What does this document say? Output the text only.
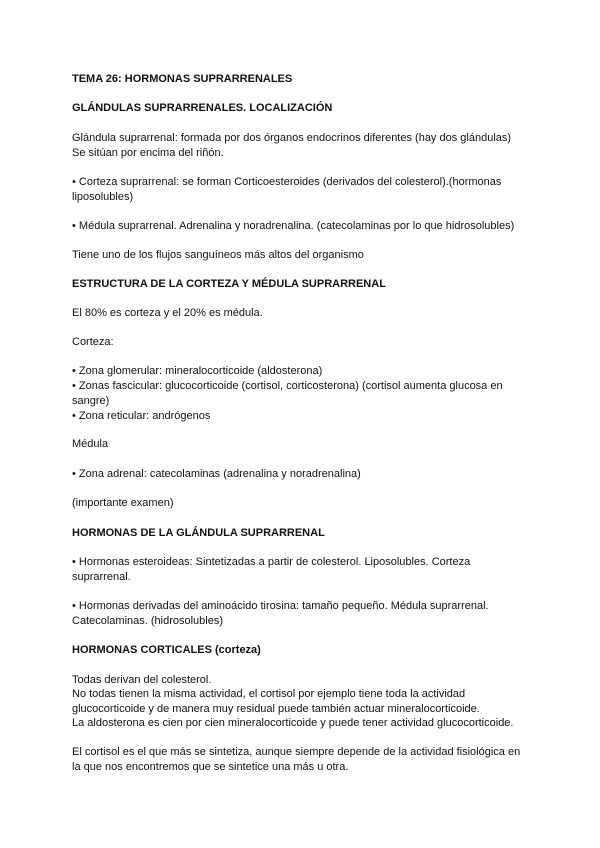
TEMA 26: HORMONAS SUPRARRENALES
GLÁNDULAS SUPRARRENALES. LOCALIZACIÓN
Glándula suprarrenal: formada por dos órganos endocrinos diferentes (hay dos glándulas)
Se sitúan por encima del riñón.
• Corteza suprarrenal: se forman Corticoesteroides (derivados del colesterol).(hormonas
liposolubles)
• Médula suprarrenal. Adrenalina y noradrenalina. (catecolaminas por lo que hidrosolubles)
Tiene uno de los flujos sanguíneos más altos del organismo
ESTRUCTURA DE LA CORTEZA Y MÉDULA SUPRARRENAL
El 80% es corteza y el 20% es médula.
Corteza:
• Zona glomerular: mineralocorticoide (aldosterona)
• Zonas fascicular: glucocorticoide (cortisol, corticosterona) (cortisol aumenta glucosa en
sangre)
• Zona reticular: andrógenos
Médula
• Zona adrenal: catecolaminas (adrenalina y noradrenalina)
(importante examen)
HORMONAS DE LA GLÁNDULA SUPRARRENAL
• Hormonas esteroideas: Sintetizadas a partir de colesterol. Liposolubles. Corteza
suprarrenal.
• Hormonas derivadas del aminoácido tirosina: tamaño pequeño. Médula suprarrenal.
Catecolaminas. (hidrosolubles)
HORMONAS CORTICALES (corteza)
Todas derivan del colesterol.
No todas tienen la misma actividad, el cortisol por ejemplo tiene toda la actividad
glucocorticoide y de manera muy residual puede también actuar mineralocorticoide.
La aldosterona es cien por cien mineralocorticoide y puede tener actividad glucocorticoide.
El cortisol es el que más se sintetiza, aunque siempre depende de la actividad fisiológica en
la que nos encontremos que se sintetice una más u otra.
